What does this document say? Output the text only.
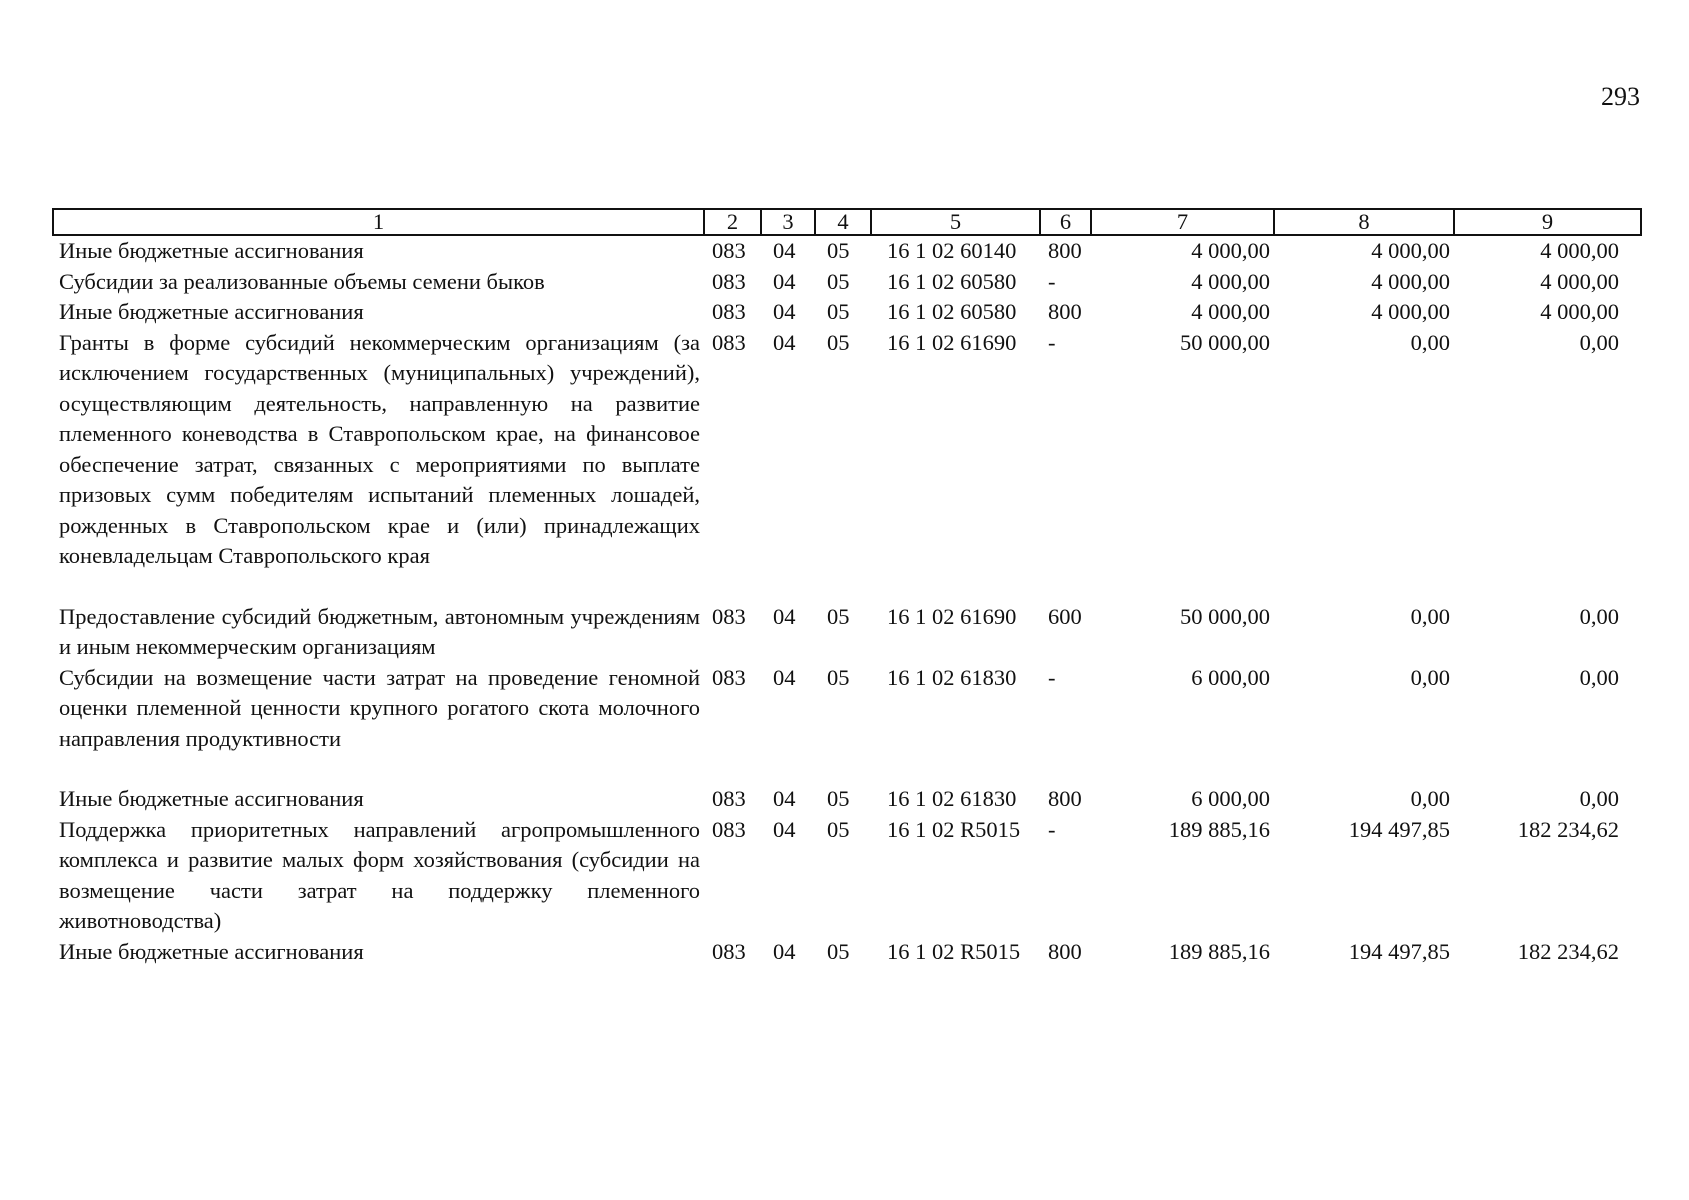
293
1	2	3	4	5	6	7	8	9
Иные бюджетные ассигнования	083	04	05	16 1 02 60140	800	4 000,00	4 000,00	4 000,00
Субсидии за реализованные объемы семени быков	083	04	05	16 1 02 60580	-	4 000,00	4 000,00	4 000,00
Иные бюджетные ассигнования	083	04	05	16 1 02 60580	800	4 000,00	4 000,00	4 000,00
Гранты в форме субсидий некоммерческим организациям (за исключением государственных (муниципальных) учреждений), осуществляющим деятельность, направленную на развитие племенного коневодства в Ставропольском крае, на финансовое обеспечение затрат, связанных с мероприятиями по выплате призовых сумм победителям испытаний племенных лошадей, рожденных в Ставропольском крае и (или) принадлежащих коневладельцам Ставропольского края	083	04	05	16 1 02 61690	-	50 000,00	0,00	0,00
Предоставление субсидий бюджетным, автономным учреждениям и иным некоммерческим организациям	083	04	05	16 1 02 61690	600	50 000,00	0,00	0,00
Субсидии на возмещение части затрат на проведение геномной оценки племенной ценности крупного рогатого скота молочного направления продуктивности	083	04	05	16 1 02 61830	-	6 000,00	0,00	0,00
Иные бюджетные ассигнования	083	04	05	16 1 02 61830	800	6 000,00	0,00	0,00
Поддержка приоритетных направлений агропромышленного комплекса и развитие малых форм хозяйствования (субсидии на возмещение части затрат на поддержку племенного животноводства)	083	04	05	16 1 02 R5015	-	189 885,16	194 497,85	182 234,62
Иные бюджетные ассигнования	083	04	05	16 1 02 R5015	800	189 885,16	194 497,85	182 234,62
